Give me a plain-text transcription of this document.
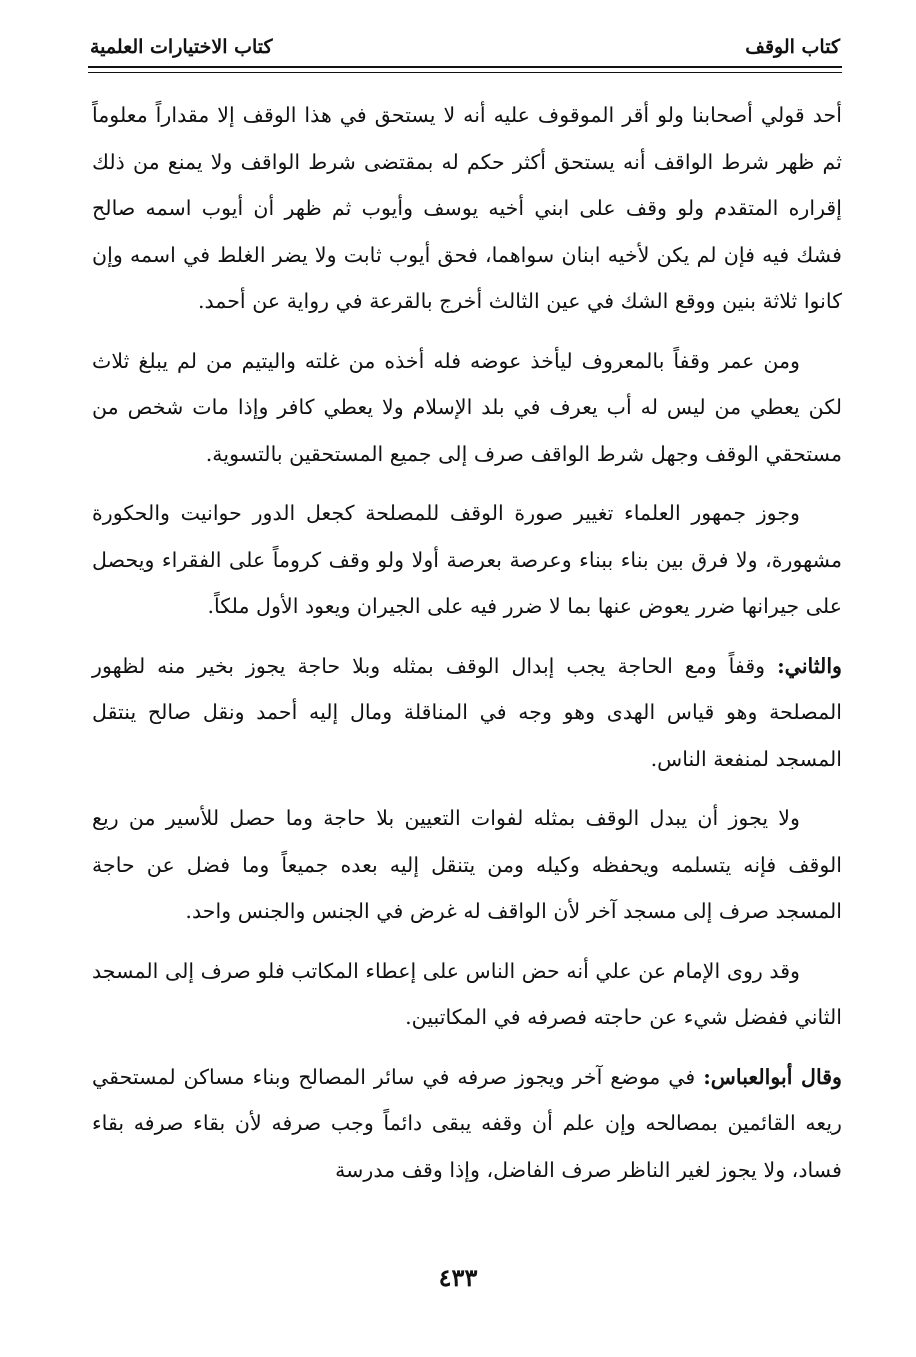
كتاب الوقف
كتاب الاختيارات العلمية

أحد قولي أصحابنا ولو أقر الموقوف عليه أنه لا يستحق في هذا الوقف إلا مقداراً معلوماً ثم ظهر شرط الواقف أنه يستحق أكثر حكم له بمقتضى شرط الواقف ولا يمنع من ذلك إقراره المتقدم ولو وقف على ابني أخيه يوسف وأيوب ثم ظهر أن أيوب اسمه صالح فشك فيه فإن لم يكن لأخيه ابنان سواهما، فحق أيوب ثابت ولا يضر الغلط في اسمه وإن كانوا ثلاثة بنين ووقع الشك في عين الثالث أخرج بالقرعة في رواية عن أحمد.

ومن عمر وقفاً بالمعروف ليأخذ عوضه فله أخذه من غلته واليتيم من لم يبلغ ثلاث لكن يعطي من ليس له أب يعرف في بلد الإسلام ولا يعطي كافر وإذا مات شخص من مستحقي الوقف وجهل شرط الواقف صرف إلى جميع المستحقين بالتسوية.

وجوز جمهور العلماء تغيير صورة الوقف للمصلحة كجعل الدور حوانيت والحكورة مشهورة، ولا فرق بين بناء ببناء وعرصة بعرصة أولا ولو وقف كروماً على الفقراء ويحصل على جيرانها ضرر يعوض عنها بما لا ضرر فيه على الجيران ويعود الأول ملكاً.

والثاني: وقفاً ومع الحاجة يجب إبدال الوقف بمثله وبلا حاجة يجوز بخير منه لظهور المصلحة وهو قياس الهدى وهو وجه في المناقلة ومال إليه أحمد ونقل صالح ينتقل المسجد لمنفعة الناس.

ولا يجوز أن يبدل الوقف بمثله لفوات التعيين بلا حاجة وما حصل للأسير من ريع الوقف فإنه يتسلمه ويحفظه وكيله ومن يتنقل إليه بعده جميعاً وما فضل عن حاجة المسجد صرف إلى مسجد آخر لأن الواقف له غرض في الجنس والجنس واحد.

وقد روى الإمام عن علي أنه حض الناس على إعطاء المكاتب فلو صرف إلى المسجد الثاني ففضل شيء عن حاجته فصرفه في المكاتبين.

وقال أبوالعباس: في موضع آخر ويجوز صرفه في سائر المصالح وبناء مساكن لمستحقي ريعه القائمين بمصالحه وإن علم أن وقفه يبقى دائماً وجب صرفه لأن بقاء صرفه بقاء فساد، ولا يجوز لغير الناظر صرف الفاضل، وإذا وقف مدرسة

٤٣٣
